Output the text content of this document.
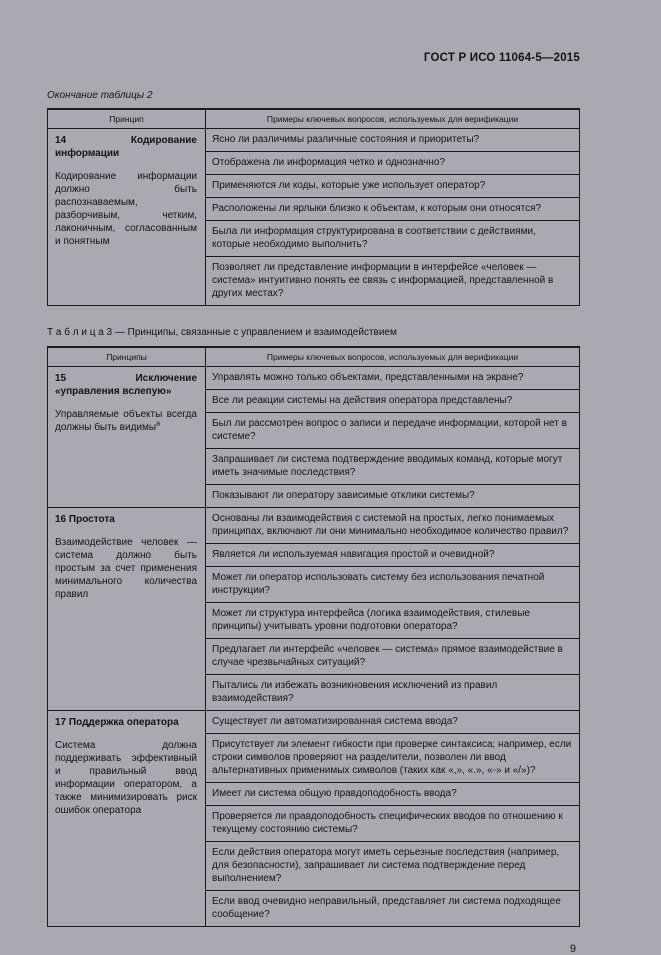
ГОСТ Р ИСО 11064-5—2015
Окончание таблицы 2
Принцип	Примеры ключевых вопросов, используемых для верификации

14 Кодирование информации
Кодирование информации должно быть распознаваемым, разборчивым, четким, лаконичным, согласованным и понятным	Ясно ли различимы различные состояния и приоритеты?
	Отображена ли информация четко и однозначно?
	Применяются ли коды, которые уже использует оператор?
	Расположены ли ярлыки близко к объектам, к которым они относятся?
	Была ли информация структурирована в соответствии с действиями, которые необходимо выполнить?
	Позволяет ли представление информации в интерфейсе «человек — система» интуитивно понять ее связь с информацией, представленной в других местах?
Т а б л и ц а 3 — Принципы, связанные с управлением и взаимодействием
Принципы	Примеры ключевых вопросов, используемых для верификации

15 Исключение «управления вслепую»
Управляемые объекты всегда должны быть видимы$^а$	Управлять можно только объектами, представленными на экране?
	Все ли реакции системы на действия оператора представлены?
	Был ли рассмотрен вопрос о записи и передаче информации, которой нет в системе?
	Запрашивает ли система подтверждение вводимых команд, которые могут иметь значимые последствия?
	Показывают ли оператору зависимые отклики системы?

16 Простота
Взаимодействие человек — система должно быть простым за счет применения минимального количества правил	Основаны ли взаимодействия с системой на простых, легко понимаемых принципах, включают ли они минимально необходимое количество правил?
	Является ли используемая навигация простой и очевидной?
	Может ли оператор использовать систему без использования печатной инструкции?
	Может ли структура интерфейса (логика взаимодействия, стилевые принципы) учитывать уровни подготовки оператора?
	Предлагает ли интерфейс «человек — система» прямое взаимодействие в случае чрезвычайных ситуаций?
	Пытались ли избежать возникновения исключений из правил взаимодействия?

17 Поддержка оператора
Система должна поддерживать эффективный и правильный ввод информации оператором, а также минимизировать риск ошибок оператора	Существует ли автоматизированная система ввода?
	Присутствует ли элемент гибкости при проверке синтаксиса; например, если строки символов проверяют на разделители, позволен ли ввод альтернативных применимых символов (таких как «,», «.», «-» и «/»)?
	Имеет ли система общую правдоподобность ввода?
	Проверяется ли правдоподобность специфических вводов по отношению к текущему состоянию системы?
	Если действия оператора могут иметь серьезные последствия (например, для безопасности), запрашивает ли система подтверждение перед выполнением?
	Если ввод очевидно неправильный, представляет ли система подходящее сообщение?
9
